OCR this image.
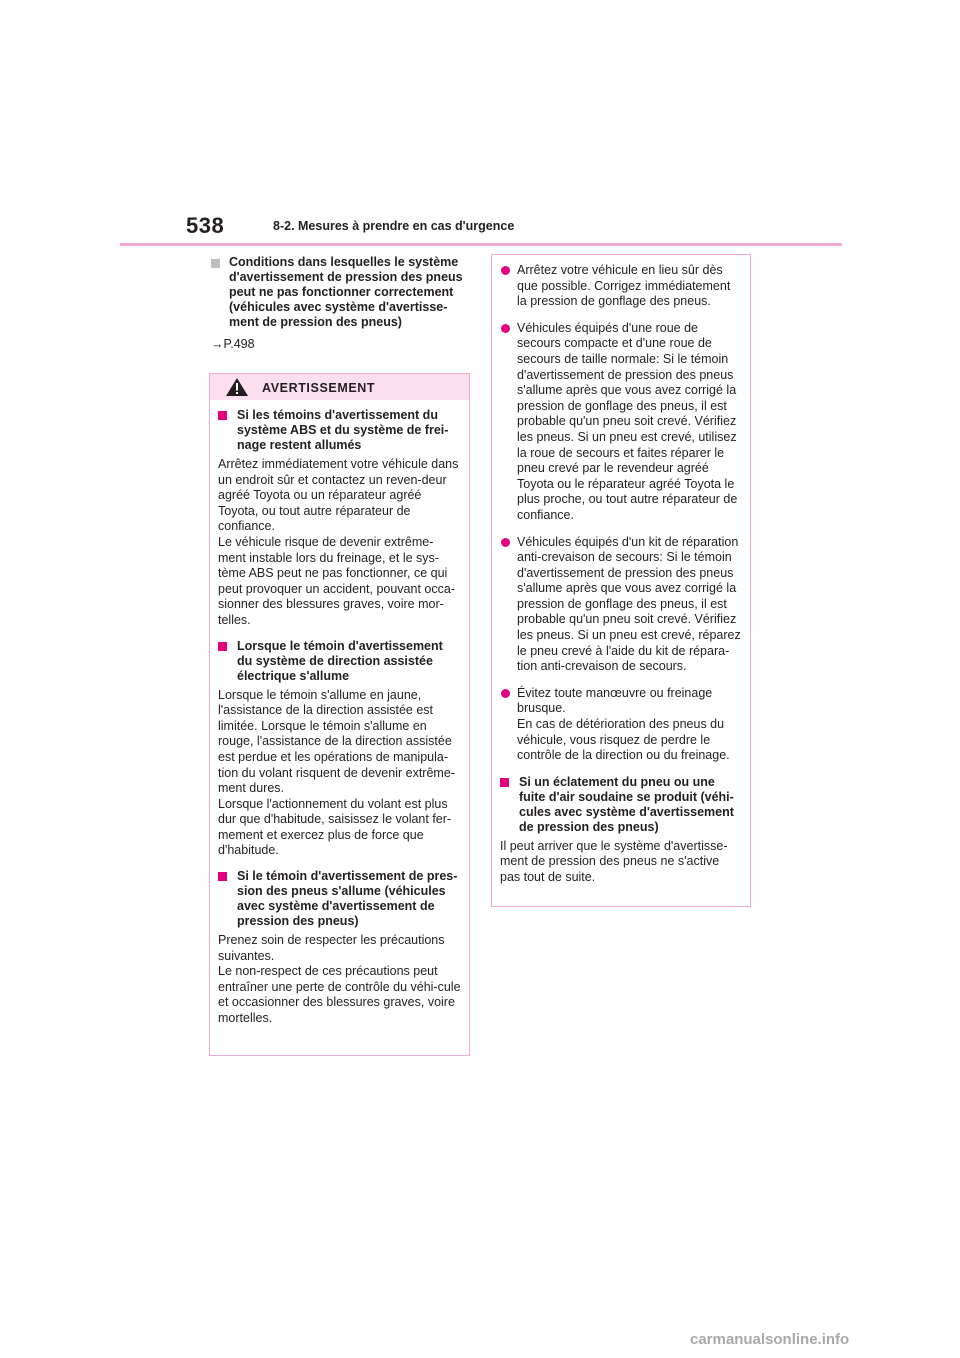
538	8-2. Mesures à prendre en cas d'urgence
Conditions dans lesquelles le système d'avertissement de pression des pneus peut ne pas fonctionner correctement (véhicules avec système d'avertisse-ment de pression des pneus)
→P.498
AVERTISSEMENT
Si les témoins d'avertissement du système ABS et du système de frei-nage restent allumés
Arrêtez immédiatement votre véhicule dans un endroit sûr et contactez un reven-deur agréé Toyota ou un réparateur agréé Toyota, ou tout autre réparateur de confiance.
Le véhicule risque de devenir extrême-ment instable lors du freinage, et le sys-tème ABS peut ne pas fonctionner, ce qui peut provoquer un accident, pouvant occa-sionner des blessures graves, voire mor-telles.
Lorsque le témoin d'avertissement du système de direction assistée électrique s'allume
Lorsque le témoin s'allume en jaune, l'assistance de la direction assistée est limitée. Lorsque le témoin s'allume en rouge, l'assistance de la direction assistée est perdue et les opérations de manipula-tion du volant risquent de devenir extrême-ment dures.
Lorsque l'actionnement du volant est plus dur que d'habitude, saisissez le volant fer-mement et exercez plus de force que d'habitude.
Si le témoin d'avertissement de pres-sion des pneus s'allume (véhicules avec système d'avertissement de pression des pneus)
Prenez soin de respecter les précautions suivantes.
Le non-respect de ces précautions peut entraîner une perte de contrôle du véhi-cule et occasionner des blessures graves, voire mortelles.
Arrêtez votre véhicule en lieu sûr dès que possible. Corrigez immédiatement la pression de gonflage des pneus.
Véhicules équipés d'une roue de secours compacte et d'une roue de secours de taille normale: Si le témoin d'avertissement de pression des pneus s'allume après que vous avez corrigé la pression de gonflage des pneus, il est probable qu'un pneu soit crevé. Vérifiez les pneus. Si un pneu est crevé, utilisez la roue de secours et faites réparer le pneu crevé par le revendeur agréé Toyota ou le réparateur agréé Toyota le plus proche, ou tout autre réparateur de confiance.
Véhicules équipés d'un kit de réparation anti-crevaison de secours: Si le témoin d'avertissement de pression des pneus s'allume après que vous avez corrigé la pression de gonflage des pneus, il est probable qu'un pneu soit crevé. Vérifiez les pneus. Si un pneu est crevé, réparez le pneu crevé à l'aide du kit de répara-tion anti-crevaison de secours.
Évitez toute manœuvre ou freinage brusque.
En cas de détérioration des pneus du véhicule, vous risquez de perdre le contrôle de la direction ou du freinage.
Si un éclatement du pneu ou une fuite d'air soudaine se produit (véhi-cules avec système d'avertissement de pression des pneus)
Il peut arriver que le système d'avertisse-ment de pression des pneus ne s'active pas tout de suite.
carmanualsonline.info
